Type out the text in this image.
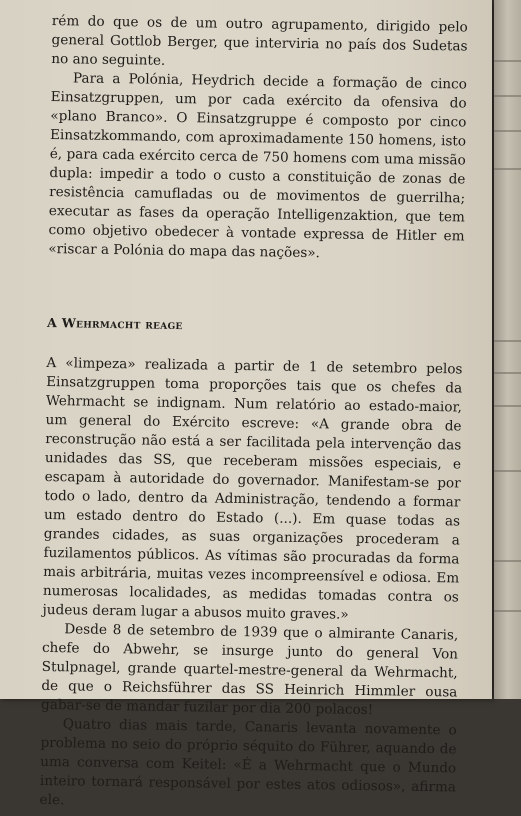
rém do que os de um outro agrupamento, dirigido pelo general Gottlob Berger, que interviria no país dos Sudetas no ano seguinte.

Para a Polónia, Heydrich decide a formação de cinco Einsatzgruppen, um por cada exército da ofensiva do «plano Branco». O Einsatzgruppe é composto por cinco Einsatzkommando, com aproximadamente 150 homens, isto é, para cada exército cerca de 750 homens com uma missão dupla: impedir a todo o custo a constituição de zonas de resistência camufladas ou de movimentos de guerrilha; executar as fases da operação Intelligenzaktion, que tem como objetivo obedecer à vontade expressa de Hitler em «riscar a Polónia do mapa das nações».

A Wehrmacht reage

A «limpeza» realizada a partir de 1 de setembro pelos Einsatzgruppen toma proporções tais que os chefes da Wehrmacht se indignam. Num relatório ao estado-maior, um general do Exército escreve: «A grande obra de reconstrução não está a ser facilitada pela intervenção das unidades das SS, que receberam missões especiais, e escapam à autoridade do governador. Manifestam-se por todo o lado, dentro da Administração, tendendo a formar um estado dentro do Estado (...). Em quase todas as grandes cidades, as suas organizações procederam a fuzilamentos públicos. As vítimas são procuradas da forma mais arbitrária, muitas vezes incompreensível e odiosa. Em numerosas localidades, as medidas tomadas contra os judeus deram lugar a abusos muito graves.»

Desde 8 de setembro de 1939 que o almirante Canaris, chefe do Abwehr, se insurge junto do general Von Stulpnagel, grande quartel-mestre-general da Wehrmacht, de que o Reichsführer das SS Heinrich Himmler ousa gabar-se de mandar fuzilar por dia 200 polacos!

Quatro dias mais tarde, Canaris levanta novamente o problema no seio do próprio séquito do Führer, aquando de uma conversa com Keitel: «É a Wehrmacht que o Mundo inteiro tornará responsável por estes atos odiosos», afirma ele.
